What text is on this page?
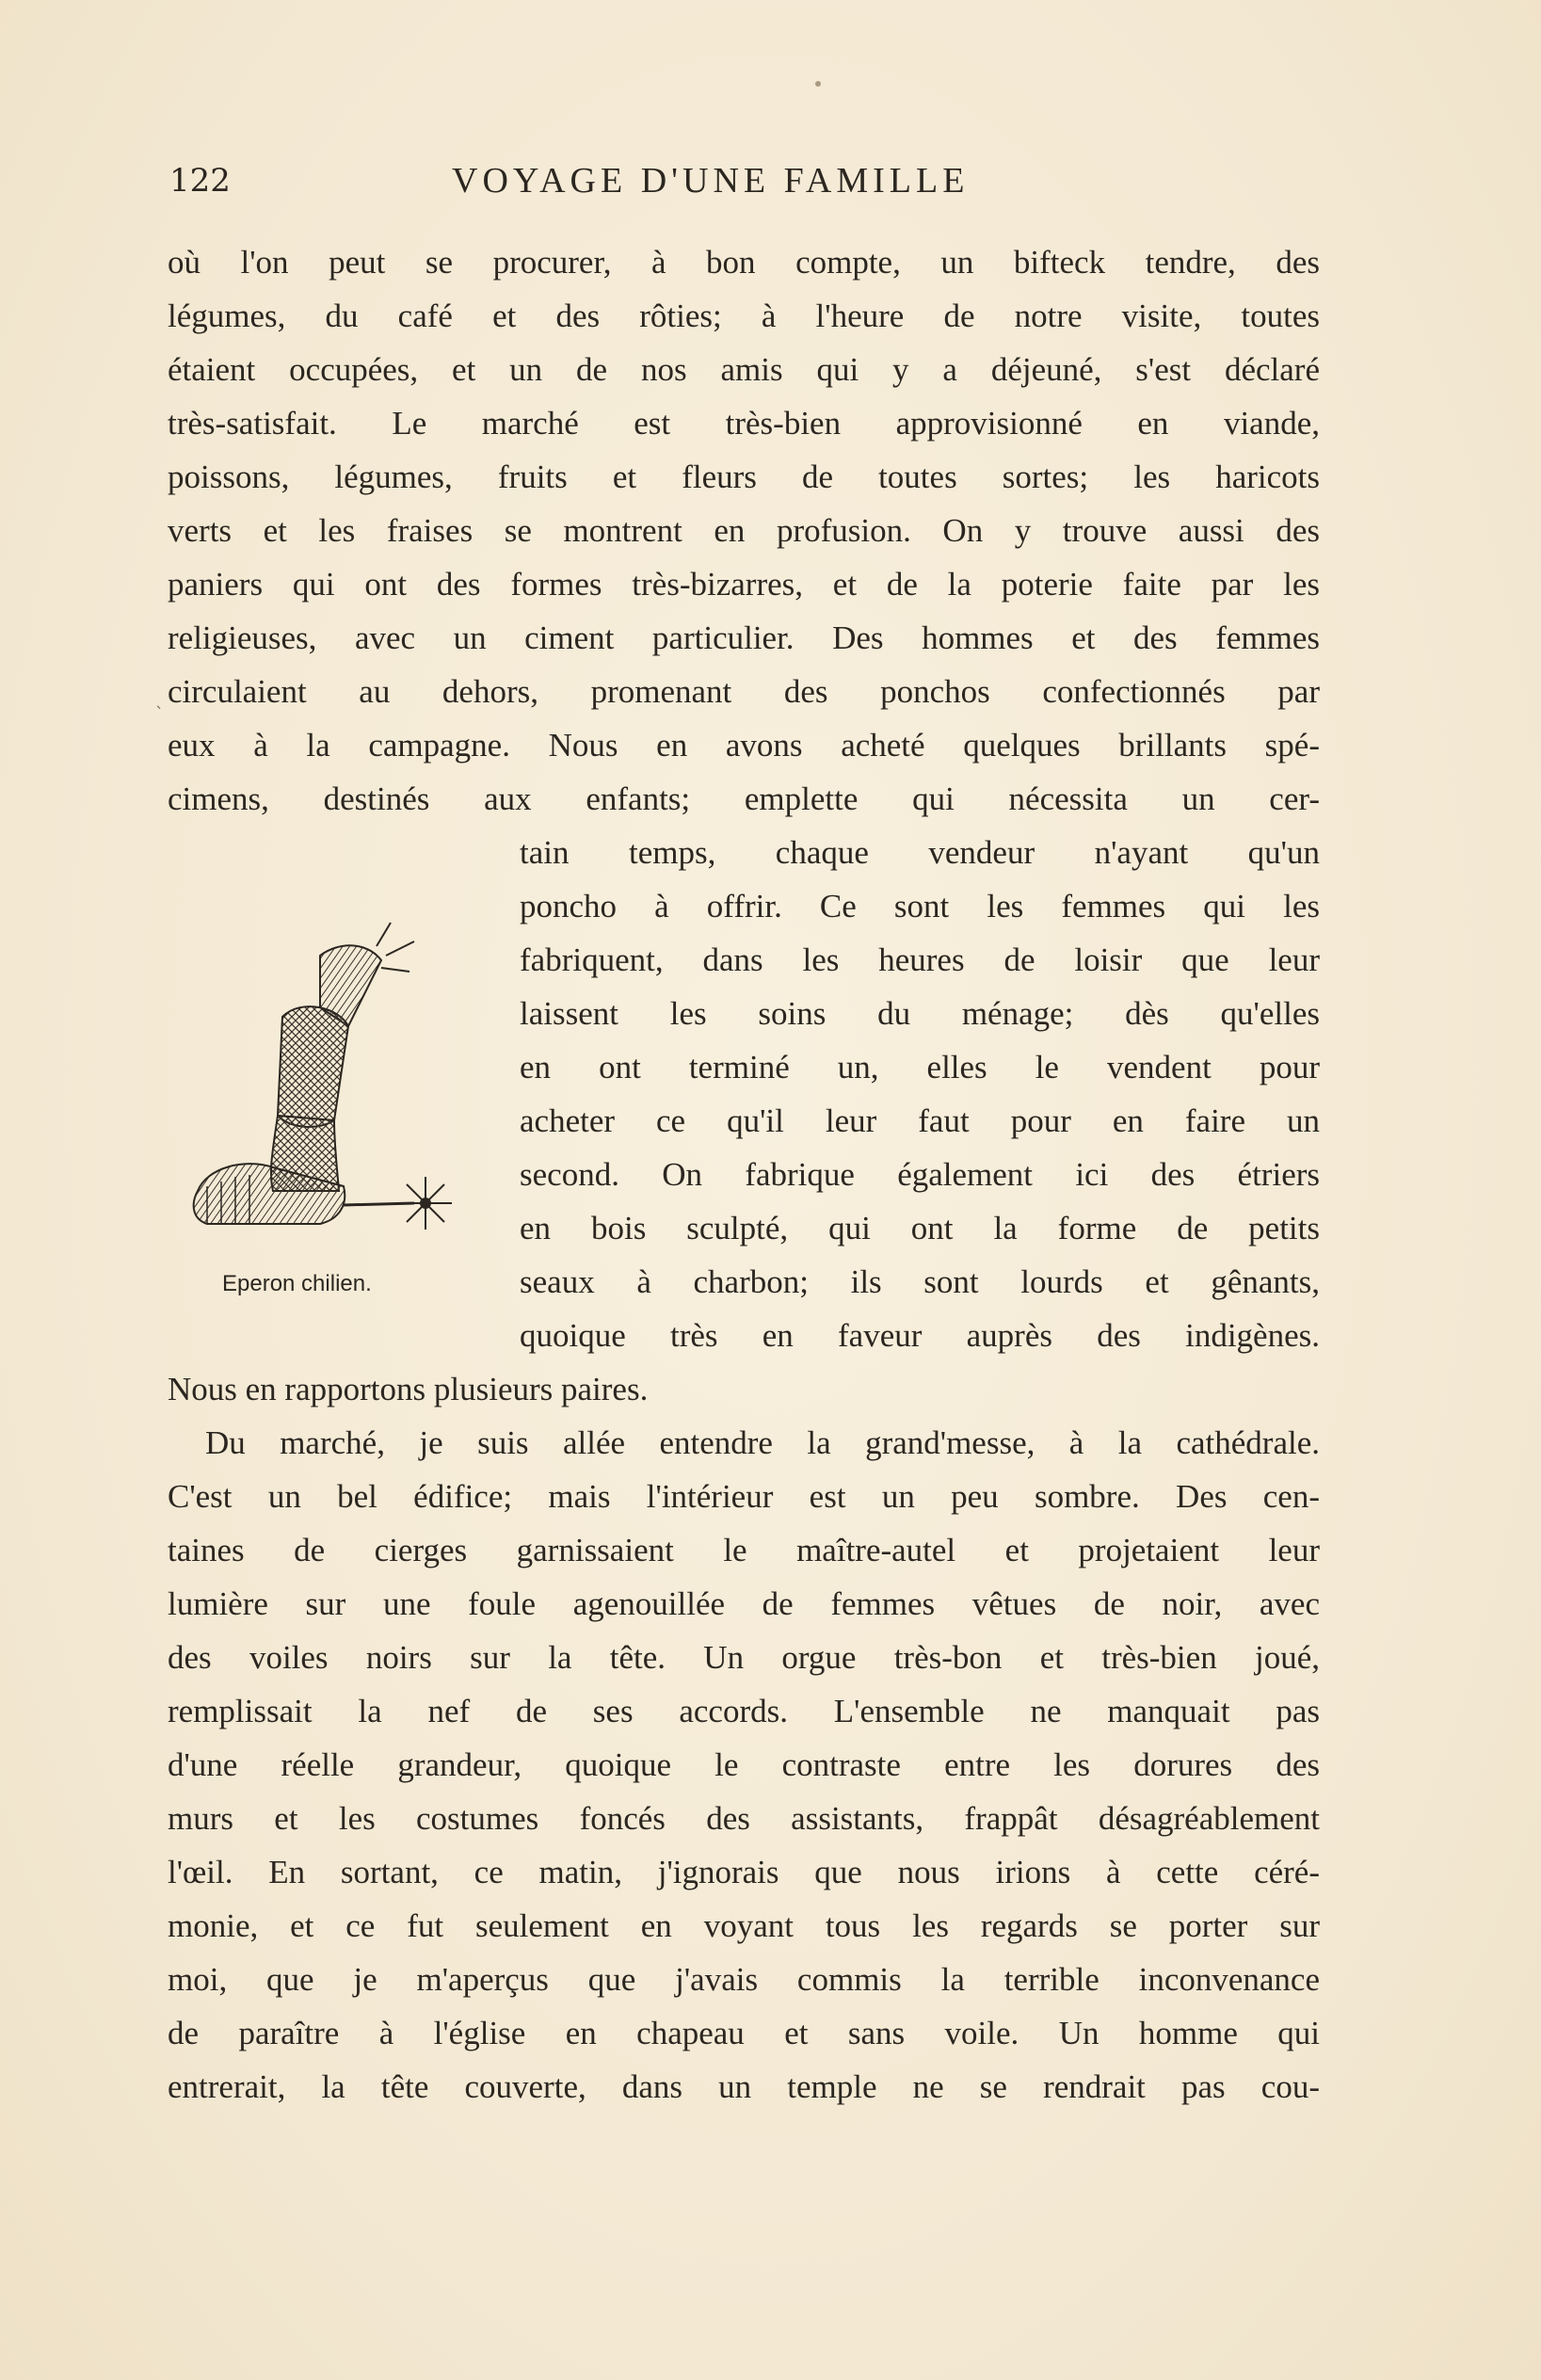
122	VOYAGE D'UNE FAMILLE
où l'on peut se procurer, à bon compte, un bifteck tendre, des
légumes, du café et des rôties; à l'heure de notre visite, toutes
étaient occupées, et un de nos amis qui y a déjeuné, s'est déclaré
très-satisfait. Le marché est très-bien approvisionné en viande,
poissons, légumes, fruits et fleurs de toutes sortes; les haricots
verts et les fraises se montrent en profusion. On y trouve aussi des
paniers qui ont des formes très-bizarres, et de la poterie faite par les
religieuses, avec un ciment particulier. Des hommes et des femmes
circulaient au dehors, promenant des ponchos confectionnés par
eux à la campagne. Nous en avons acheté quelques brillants spé-
cimens, destinés aux enfants; emplette qui nécessita un cer-
`
tain temps, chaque vendeur n'ayant qu'un
poncho à offrir. Ce sont les femmes qui les
fabriquent, dans les heures de loisir que leur
laissent les soins du ménage; dès qu'elles
en ont terminé un, elles le vendent pour
acheter ce qu'il leur faut pour en faire un
second. On fabrique également ici des étriers
en bois sculpté, qui ont la forme de petits
seaux à charbon; ils sont lourds et gênants,
quoique très en faveur auprès des indigènes.
Nous en rapportons plusieurs paires.
Eperon chilien.
Du marché, je suis allée entendre la grand'messe, à la cathédrale.
C'est un bel édifice; mais l'intérieur est un peu sombre. Des cen-
taines de cierges garnissaient le maître-autel et projetaient leur
lumière sur une foule agenouillée de femmes vêtues de noir, avec
des voiles noirs sur la tête. Un orgue très-bon et très-bien joué,
remplissait la nef de ses accords. L'ensemble ne manquait pas
d'une réelle grandeur, quoique le contraste entre les dorures des
murs et les costumes foncés des assistants, frappât désagréablement
l'œil. En sortant, ce matin, j'ignorais que nous irions à cette céré-
monie, et ce fut seulement en voyant tous les regards se porter sur
moi, que je m'aperçus que j'avais commis la terrible inconvenance
de paraître à l'église en chapeau et sans voile. Un homme qui
entrerait, la tête couverte, dans un temple ne se rendrait pas cou-
